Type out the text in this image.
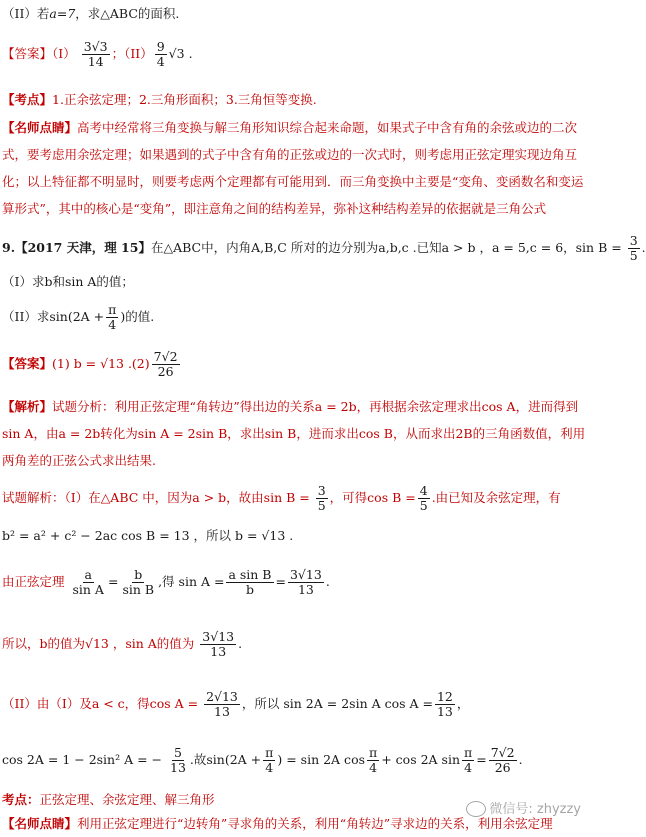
（II）若a=7，求△ABC的面积.
【答案】$(I) \frac{3√3}{14}$ ；$(II) \frac{9}{4} √3$ .
【考点】1.正余弦定理；2.三角形面积；3.三角恒等变换.
【名师点睛】高考中经常将三角变换与解三角形知识综合起来命题，如果式子中含有角的余弦或边的二次式，要考虑用余弦定理；如果遇到的式子中含有角的正弦或边的一次式时，则考虑用正弦定理实现边角互化；以上特征都不明显时，则要考虑两个定理都有可能用到．而三角变换中主要是“变角、变函数名和变运算形式”，其中的核心是“变角”，即注意角之间的结构差异，弥补这种结构差异的依据就是三角公式
9.【2017 天津，理 15】在△ABC中，内角A,B,C 所对的边分别为a,b,c .已知a > b ，a = 5,c = 6，$\sin B = \frac{3}{5}$ .
（I）求b和sin A的值；
（II）求$\sin(2A + \frac{\pi}{4}$ )的值.
【答案】(1) b = √13 $.(2) \frac{7√2}{26}$
【解析】试题分析：利用正弦定理“角转边”得出边的关系a = 2b，再根据余弦定理求出cos A，进而得到sin A，由a = 2b转化为sin A = 2sin B，求出sin B，进而求出cos B，从而求出2B的三角函数值，利用两角差的正弦公式求出结果.
试题解析：（I）在△ABC 中，因为a > b，故由$\sin B = \frac{3}{5}$ ，可得$\cos B = \frac{4}{5}$ .由已知及余弦定理，有
b² = a² + c² − 2ac cos B = 13 ，所以 b = √13 .
由正弦定理 $\frac{a}{\text{sin A}} = \frac{b}{\text{sin B}}$ ,得 $\sin A = \frac{\text{a sin B}}{b} = \frac{3√13}{13}$ .
所以，b的值为√13 ，sin A的值为 $\frac{3√13}{13}$ .
（II）由（I）及a < c，得$\cos A = \frac{2√13}{13}$ ，所以 sin 2A = 2sin A $\cos A = \frac{12}{13}$ ，
cos 2A = 1 − 2sin² A = − $\frac{5}{13}$ .故$\sin(2A + \frac{\pi}{4}$ ) = sin 2A $\cos \frac{\pi}{4} + \cos 2A$ $\sin \frac{\pi}{4} = \frac{7√2}{26}$ .
考点：正弦定理、余弦定理、解三角形
【名师点睛】利用正弦定理进行“边转角”寻求角的关系，利用“角转边”寻求边的关系，利用余弦定理
微信号: zhyzzy
